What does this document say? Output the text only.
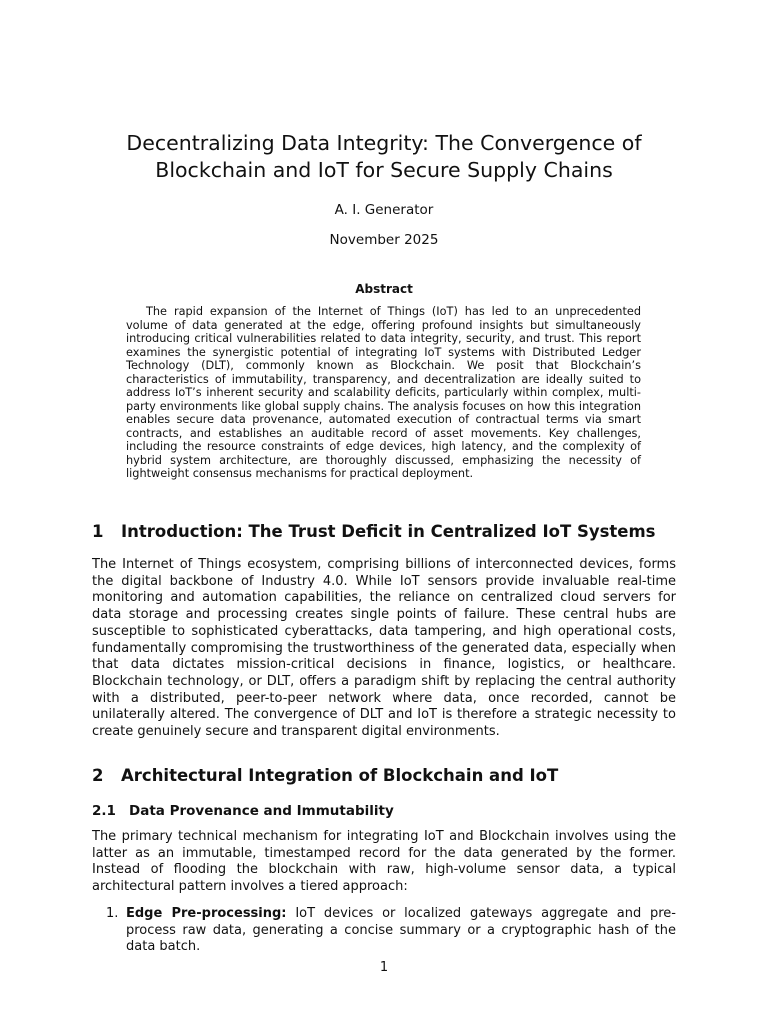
Decentralizing Data Integrity: The Convergence of Blockchain and IoT for Secure Supply Chains
A. I. Generator
November 2025
Abstract

The rapid expansion of the Internet of Things (IoT) has led to an unprecedented volume of data generated at the edge, offering profound insights but simultaneously introducing critical vulnerabilities related to data integrity, security, and trust. This report examines the synergistic potential of integrating IoT systems with Distributed Ledger Technology (DLT), commonly known as Blockchain. We posit that Blockchain’s characteristics of immutability, transparency, and decentralization are ideally suited to address IoT’s inherent security and scalability deficits, particularly within complex, multi-party environments like global supply chains. The analysis focuses on how this integration enables secure data provenance, automated execution of contractual terms via smart contracts, and establishes an auditable record of asset movements. Key challenges, including the resource constraints of edge devices, high latency, and the complexity of hybrid system architecture, are thoroughly discussed, emphasizing the necessity of lightweight consensus mechanisms for practical deployment.

1 Introduction: The Trust Deficit in Centralized IoT Systems

The Internet of Things ecosystem, comprising billions of interconnected devices, forms the digital backbone of Industry 4.0. While IoT sensors provide invaluable real-time monitoring and automation capabilities, the reliance on centralized cloud servers for data storage and processing creates single points of failure. These central hubs are susceptible to sophisticated cyberattacks, data tampering, and high operational costs, fundamentally compromising the trustworthiness of the generated data, especially when that data dictates mission-critical decisions in finance, logistics, or healthcare. Blockchain technology, or DLT, offers a paradigm shift by replacing the central authority with a distributed, peer-to-peer network where data, once recorded, cannot be unilaterally altered. The convergence of DLT and IoT is therefore a strategic necessity to create genuinely secure and transparent digital environments.

2 Architectural Integration of Blockchain and IoT
2.1 Data Provenance and Immutability

The primary technical mechanism for integrating IoT and Blockchain involves using the latter as an immutable, timestamped record for the data generated by the former. Instead of flooding the blockchain with raw, high-volume sensor data, a typical architectural pattern involves a tiered approach:

1. Edge Pre-processing: IoT devices or localized gateways aggregate and pre-process raw data, generating a concise summary or a cryptographic hash of the data batch.
1
